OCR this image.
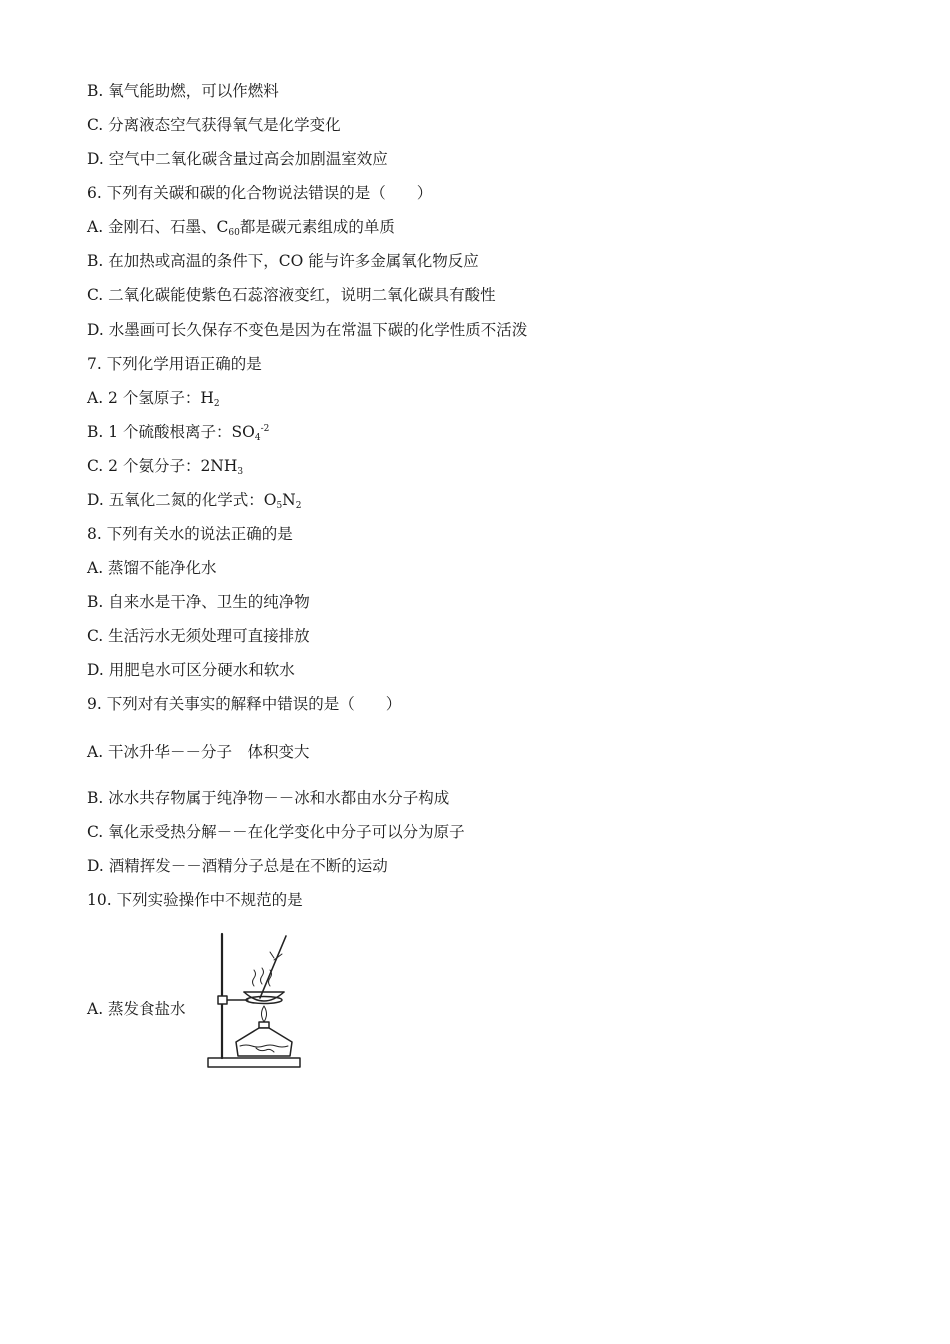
B. 氧气能助燃，可以作燃料
C. 分离液态空气获得氧气是化学变化
D. 空气中二氧化碳含量过高会加剧温室效应
6. 下列有关碳和碳的化合物说法错误的是（　　）
A. 金刚石、石墨、$C_{60}$都是碳元素组成的单质
B. 在加热或高温的条件下，CO 能与许多金属氧化物反应
C. 二氧化碳能使紫色石蕊溶液变红，说明二氧化碳具有酸性
D. 水墨画可长久保存不变色是因为在常温下碳的化学性质不活泼
7. 下列化学用语正确的是
A. 2 个氢原子：$H_2$
B. 1 个硫酸根离子：$SO_4^{-2}$
C. 2 个氨分子：$2NH_3$
D. 五氧化二氮的化学式：$O_5N_2$
8. 下列有关水的说法正确的是
A. 蒸馏不能净化水
B. 自来水是干净、卫生的纯净物
C. 生活污水无须处理可直接排放
D. 用肥皂水可区分硬水和软水
9. 下列对有关事实的解释中错误的是（　　）
A. 干冰升华－－分子　体积变大
B. 冰水共存物属于纯净物－－冰和水都由水分子构成
C. 氧化汞受热分解－－在化学变化中分子可以分为原子
D. 酒精挥发－－酒精分子总是在不断的运动
10. 下列实验操作中不规范的是
A. 蒸发食盐水
